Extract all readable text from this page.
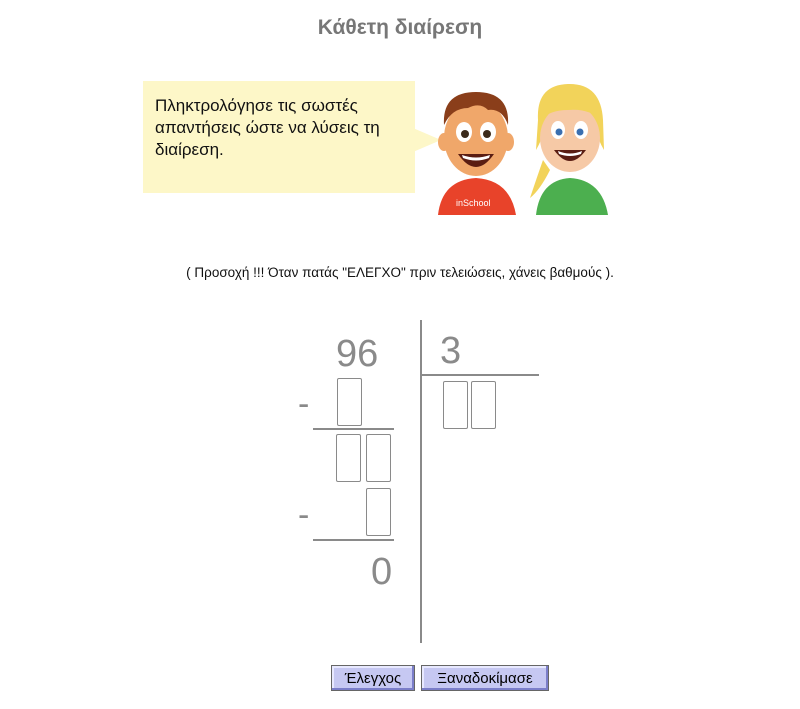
Κάθετη διαίρεση
Πληκτρολόγησε τις σωστές απαντήσεις ώστε να λύσεις τη διαίρεση.
inSchool
( Προσοχή !!! Όταν πατάς "ΕΛΕΓΧΟ" πριν τελειώσεις, χάνεις βαθμούς ).
96 3
-
-
0
Έλεγχος	Ξαναδοκίμασε
